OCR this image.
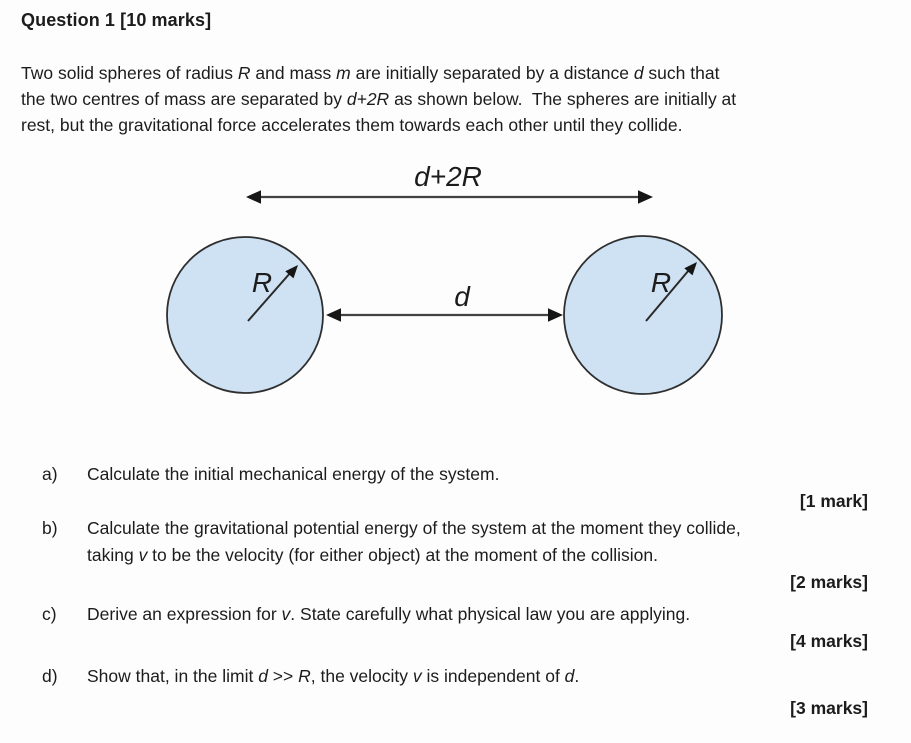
Question 1 [10 marks]

Two solid spheres of radius R and mass m are initially separated by a distance d such that
the two centres of mass are separated by d+2R as shown below.  The spheres are initially at
rest, but the gravitational force accelerates them towards each other until they collide.

d+2R
R	R
d
a)	Calculate the initial mechanical energy of the system.
[1 mark]
b)	Calculate the gravitational potential energy of the system at the moment they collide,
taking v to be the velocity (for either object) at the moment of the collision.
[2 marks]
c)	Derive an expression for v. State carefully what physical law you are applying.
[4 marks]
d)	Show that, in the limit d >> R, the velocity v is independent of d.
[3 marks]
